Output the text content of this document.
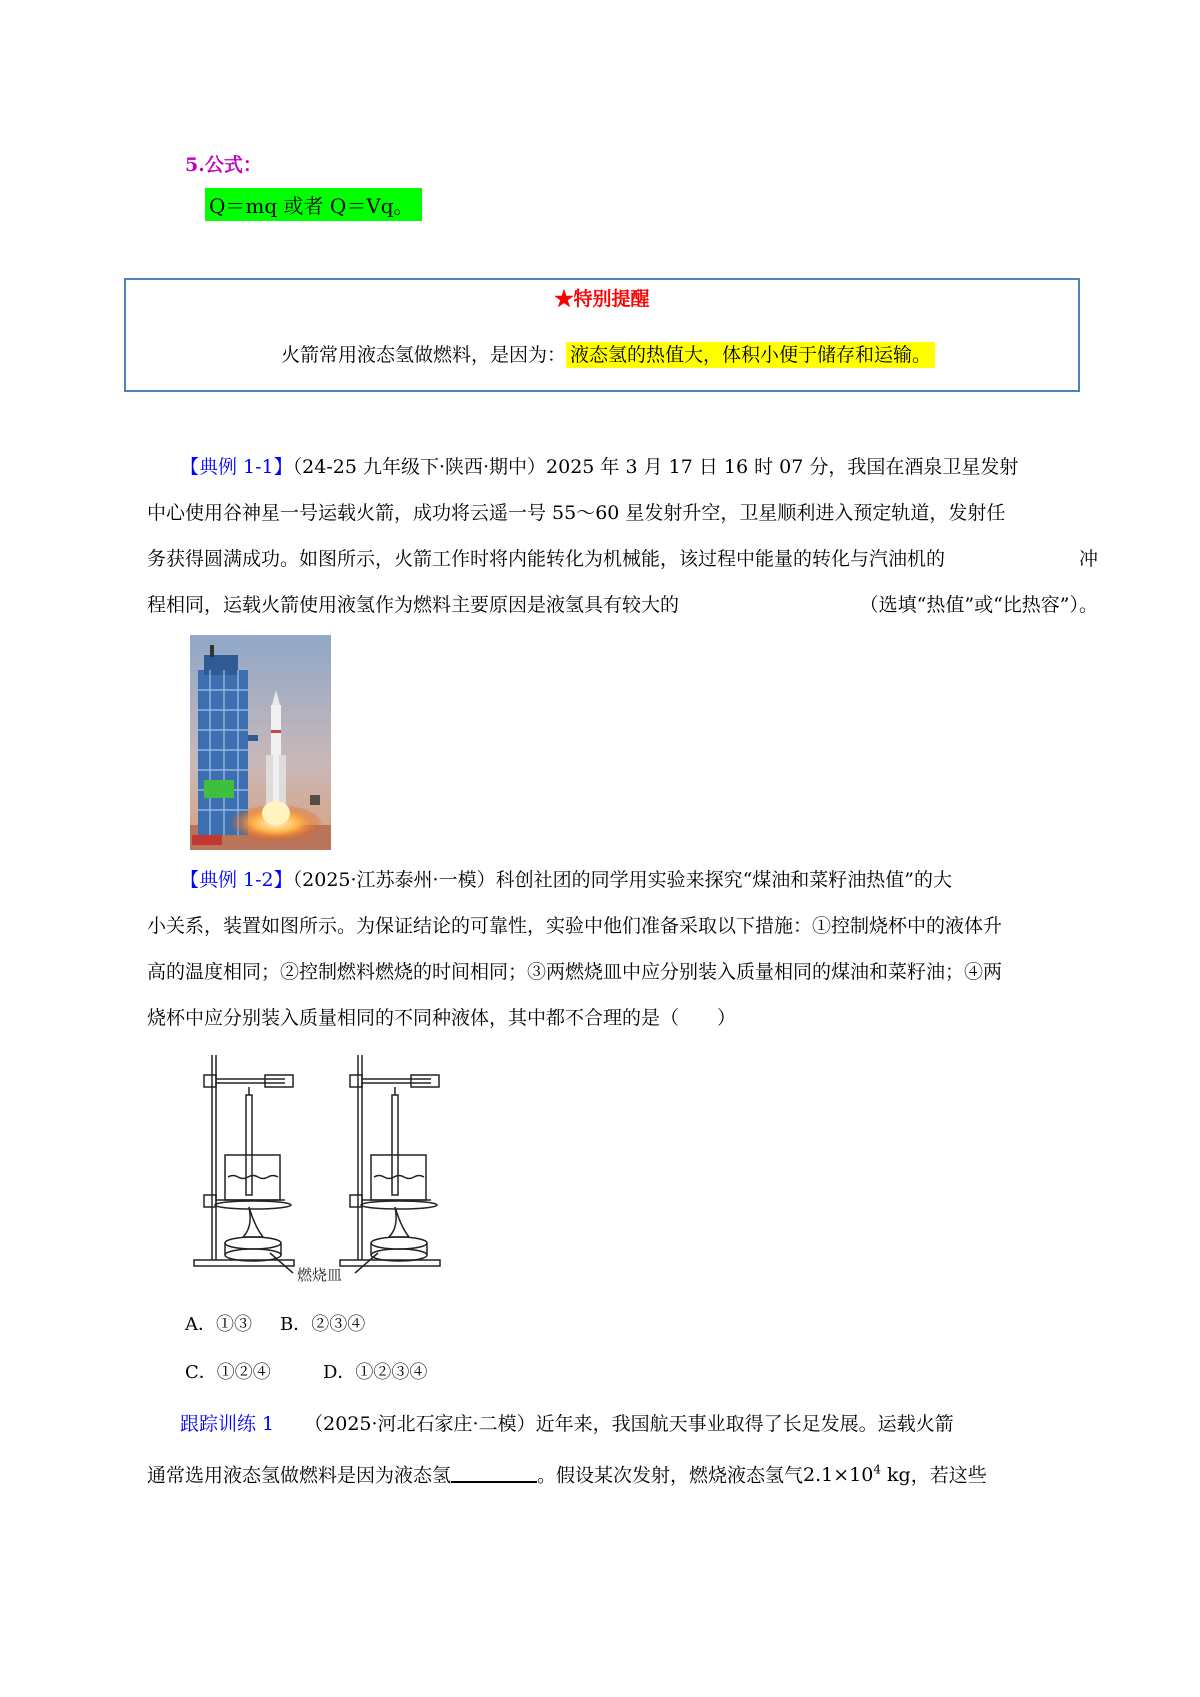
5.公式：
Q＝mq 或者 Q＝Vq。
★特别提醒
火箭常用液态氢做燃料，是因为： 液态氢的热值大，体积小便于储存和运输。
【典例 1-1】（24-25 九年级下·陕西·期中）2025 年 3 月 17 日 16 时 07 分，我国在酒泉卫星发射
中心使用谷神星一号运载火箭，成功将云遥一号 55～60 星发射升空，卫星顺利进入预定轨道，发射任
务获得圆满成功。如图所示，火箭工作时将内能转化为机械能，该过程中能量的转化与汽油机的	冲
程相同，运载火箭使用液氢作为燃料主要原因是液氢具有较大的	（选填“热值”或“比热容”）。
【典例 1-2】（2025·江苏泰州·一模）科创社团的同学用实验来探究“煤油和菜籽油热值”的大
小关系，装置如图所示。为保证结论的可靠性，实验中他们准备采取以下措施：①控制烧杯中的液体升
高的温度相同；②控制燃料燃烧的时间相同；③两燃烧皿中应分别装入质量相同的煤油和菜籽油；④两
烧杯中应分别装入质量相同的不同种液体，其中都不合理的是（　　）
燃烧皿
A．①③ B．②③④
C．①②④	D．①②③④
跟踪训练 1 （2025·河北石家庄·二模）近年来，我国航天事业取得了长足发展。运载火箭
通常选用液态氢做燃料是因为液态氢	。假设某次发射，燃烧液态氢气$2.1\times 10^4$ kg，若这些
